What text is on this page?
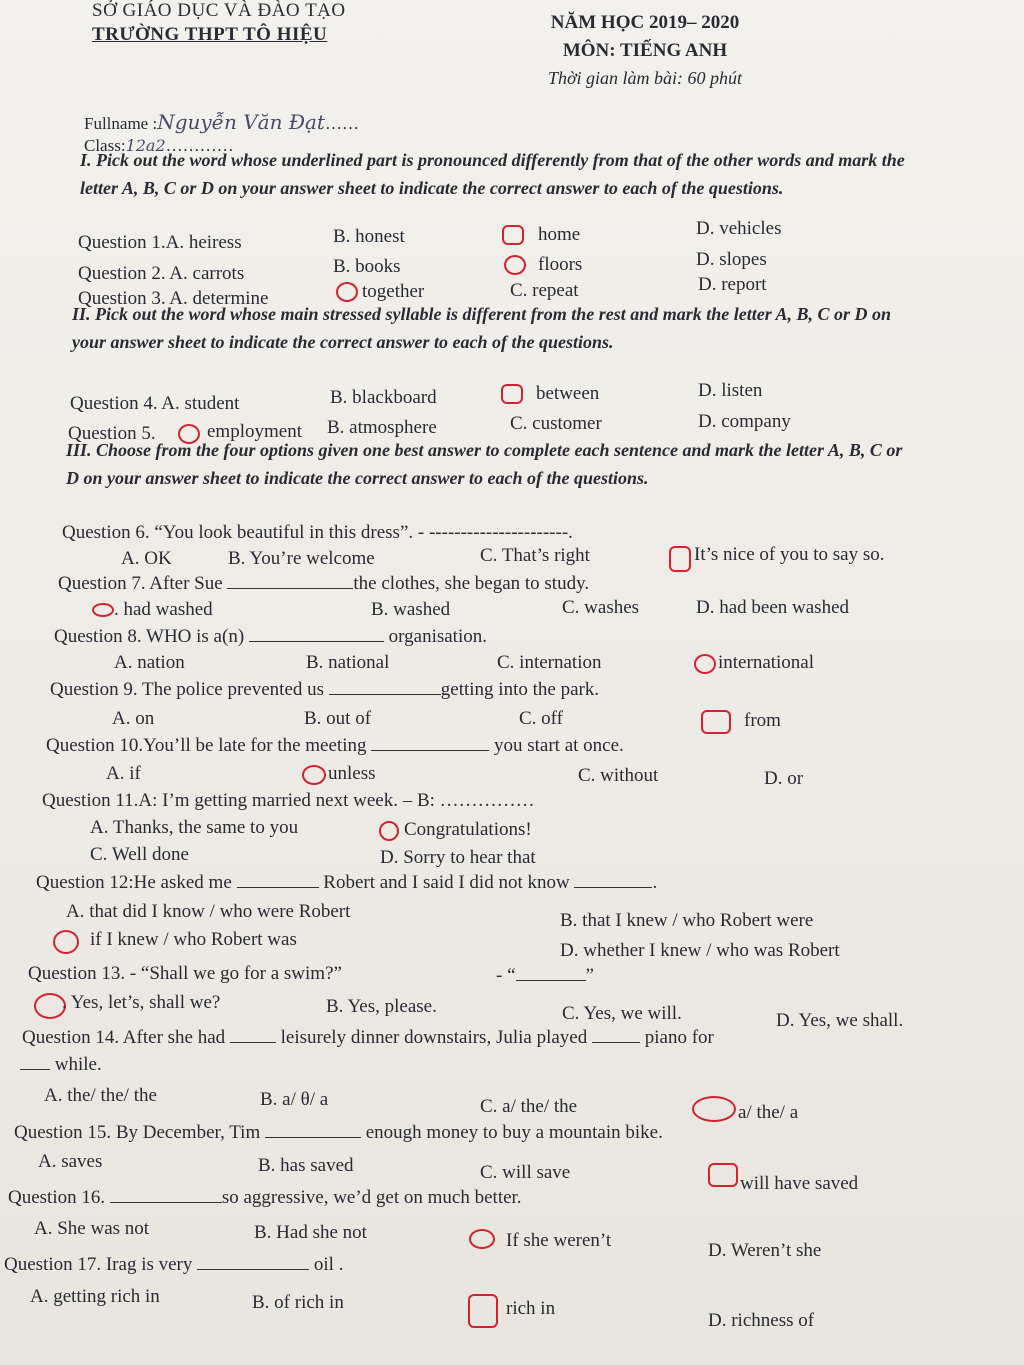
SỞ GIÁO DỤC VÀ ĐÀO TẠO
TRƯỜNG THPT TÔ HIỆU
NĂM HỌC 2019– 2020
MÔN: TIẾNG ANH
Thời gian làm bài: 60 phút
Fullname :Nguyễn Văn Đạt……
Class:12a2…………
I. Pick out the word whose underlined part is pronounced differently from that of the other words and mark the letter A, B, C or D on your answer sheet to indicate the correct answer to each of the questions.
Question 1.A. heiress	B. honest	home	D. vehicles
Question 2. A. carrots	B. books	floors	D. slopes
Question 3. A. determine	together	C. repeat	D. report
II. Pick out the word whose main stressed syllable is different from the rest and mark the letter A, B, C or D on your answer sheet to indicate the correct answer to each of the questions.
Question 4. A. student	B. blackboard	between	D. listen
Question 5.	employment B. atmosphere	C. customer	D. company
III. Choose from the four options given one best answer to complete each sentence and mark the letter A, B, C or D on your answer sheet to indicate the correct answer to each of the questions.
Question 6. “You look beautiful in this dress”. - ----------------------.
A. OK	B. You’re welcome	C. That’s right	It’s nice of you to say so.
Question 7. After Sue	the clothes, she began to study.
. had washed	B. washed	C. washes	D. had been washed
Question 8. WHO is a(n)	organisation.
A. nation	B. national	C. internation	international
Question 9. The police prevented us	getting into the park.
A. on	B. out of	C. off	from
Question 10.You’ll be late for the meeting	you start at once.
A. if	unless	C. without	D. or
Question 11.A: I’m getting married next week. – B: ……………
A. Thanks, the same to you	Congratulations!
C. Well done	D. Sorry to hear that
Question 12:He asked me	Robert and I said I did not know	.
A. that did I know / who were Robert	B. that I knew / who Robert were
if I knew / who Robert was
D. whether I knew / who was Robert
Question 13. - “Shall we go for a swim?”	- “	”
. Yes, let’s, shall we?	B. Yes, please.	C. Yes, we will.	D. Yes, we shall.
Question 14. After she had	leisurely dinner downstairs, Julia played	piano for
while.
A. the/ the/ the	B. a/ θ/ a	C. a/ the/ the	a/ the/ a
Question 15. By December, Tim	enough money to buy a mountain bike.
A. saves	B. has saved	C. will save
will have saved
Question 16.	so aggressive, we’d get on much better.
A. She was not	B. Had she not	If she weren’t	D. Weren’t she
Question 17. Irag is very	oil .
A. getting rich in	B. of rich in	rich in
D. richness of
